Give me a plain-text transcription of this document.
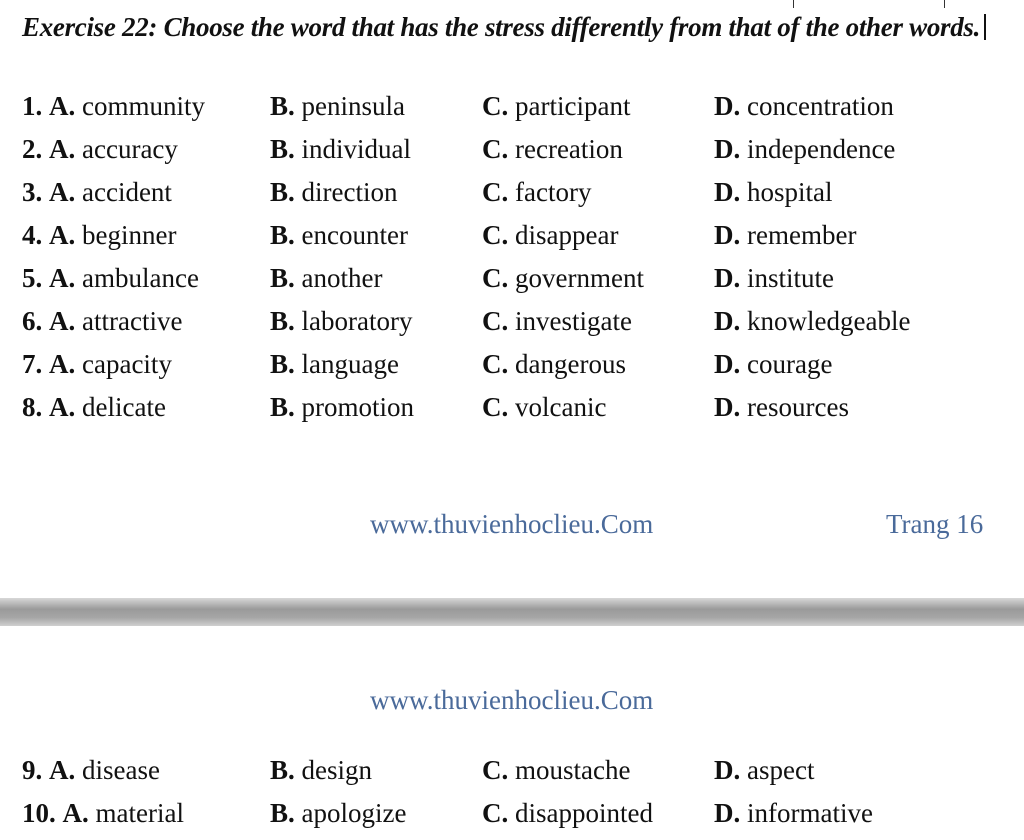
Exercise 22: Choose the word that has the stress differently from that of the other words.
1. A. community B. peninsula	C. participant	D. concentration
2. A. accuracy	B. individual	C. recreation	D. independence
3. A. accident	B. direction	C. factory	D. hospital
4. A. beginner	B. encounter	C. disappear	D. remember
5. A. ambulance	B. another	C. government	D. institute
6. A. attractive	B. laboratory	C. investigate	D. knowledgeable
7. A. capacity	B. language	C. dangerous	D. courage
8. A. delicate	B. promotion	C. volcanic	D. resources
www.thuvienhoclieu.Com	Trang 16
www.thuvienhoclieu.Com
9. A. disease	B. design	C. moustache	D. aspect
10. A. material	B. apologize	C. disappointed D. informative
